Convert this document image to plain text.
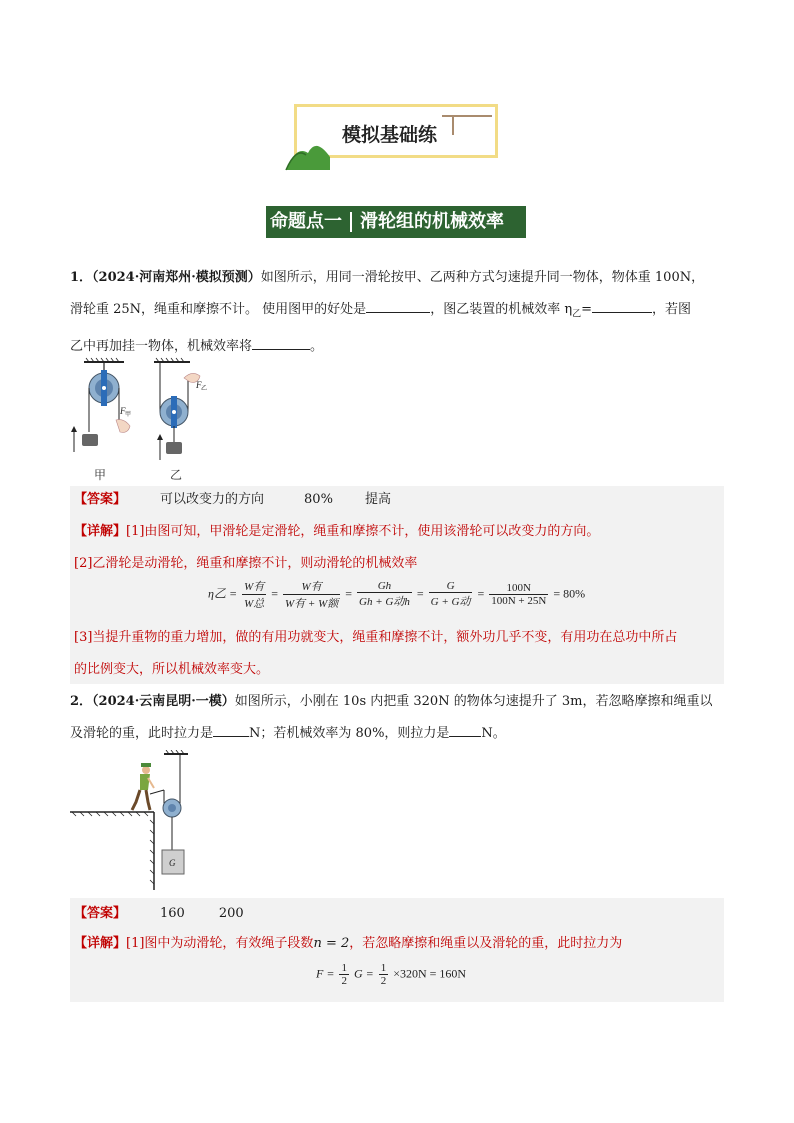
模拟基础练
命题点一 滑轮组的机械效率
1．（2024·河南郑州·模拟预测）如图所示，用同一滑轮按甲、乙两种方式匀速提升同一物体，物体重 100N，
滑轮重 25N，绳重和摩擦不计。 使用图甲的好处是	，图乙装置的机械效率 $\eta_乙=$	，若图
乙中再加挂一物体，机械效率将	。
F 甲
F 乙
甲	乙
【答案】	可以改变力的方向	80% 提高
【详解】[1]由图可知，甲滑轮是定滑轮，绳重和摩擦不计，使用该滑轮可以改变力的方向。
[2]乙滑轮是动滑轮，绳重和摩擦不计，则动滑轮的机械效率
η乙 = $\frac{\text{W有}}{\text{W总}} = \frac{\text{W有}}{\text{W有 + W额}} = \frac{Gh}{\text{Gh + G动h}} = \frac{G}{\text{G + G动}} = \frac{100N}{100N + 25N} = 80\%$
[3]当提升重物的重力增加，做的有用功就变大，绳重和摩擦不计，额外功几乎不变，有用功在总功中所占
的比例变大，所以机械效率变大。
2．（2024·云南昆明·一模）如图所示，小刚在 10s 内把重 320N 的物体匀速提升了 3m，若忽略摩擦和绳重以
及滑轮的重，此时拉力是	N；若机械效率为 80%，则拉力是 N。
G
【答案】	160	200
【详解】[1]图中为动滑轮，有效绳子段数n = 2，若忽略摩擦和绳重以及滑轮的重，此时拉力为
$F = \frac{1}{2}$ $G = \frac{1}{2} \times 320N = 160N$
